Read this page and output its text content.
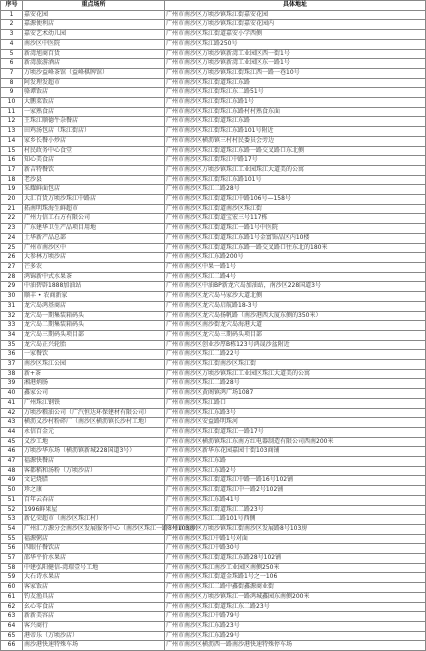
序号	重点场所	具体地址
1	嘉安花园	广州市南沙区万顷沙镇珠江街嘉安花园
2	嘉源便利店	广州市南沙区万顷沙镇珠江街嘉安花园内
3	嘉安艺术幼儿园	广州市南沙区珠江街道嘉安小学西侧
4	南沙区中医院	广州市南沙区珠江路250号
5	新湾旭商百货	广州市南沙区万顷沙镇新湾工业园区西一街1号
6	新湾旅游酒店	广州市南沙区万顷沙镇新湾工业园区东一路1号
7	万顷沙益峰茶馆（益峰棋牌馆）	广州市南沙区万顷沙镇珠江街珠江西一路一巷10号
8	阿发理发超市	广州市南沙区珠江街道珠江东路
9	骆谭饭店	广州市南沙区珠江街珠江东二路51号
10	大鹏菜饭店	广州市南沙区珠江街珠江东路1号
11	一家熟食店	广州市南沙区珠江街珠江东路村村熟食东面
12	王珠江顺德牛杂餐店	广州市南沙区珠江街道珠江东路
13	田鸡汤包店（珠江街店）	广州市南沙区珠江街珠江东路101号附近
14	家乡长餐小炒店	广州市南沙区横沥镇三村村民委员会旁边
15	村民政务中心食堂	广州市南沙区珠江街道珠江东路一路交叉路口东北侧
16	知心美食店	广州市南沙区珠江街珠江中路17号
17	新吉特餐饮	广州市南沙区万顷沙镇珠江工业园珠江大道美的公寓
18	老沙县	广州市南沙区珠江街珠江东路101号
19	采耀鲜面包店	广州市南沙区珠江二路28号
20	大汇百货万顷沙珠江中路店	广州市南沙区珠江街道珠江中路106号—158号
21	拓南明珠海生鲜超市	广州市南沙区珠江街道南沙区珠江街
22	广州力信工石方有限公司	广州市南沙区珠江街道宝宏三号117栋
23	广东建华卫生产品项目用地	广州市南沙区珠江街道珠江一路1号中医院
24	土华新产品总部	广州市南沙区珠江街道珠江东路1号金富饰品区内10楼
25	广州市南沙区中	广州市南沙区珠江街道珠江东路一路交叉路口往东北的180米
26	大参林万顷沙店	广州市南沙区珠江东路200号
27	芒多农	广州市南沙区中果一路1号
28	鸿锦新中式水果茶	广州市南沙区珠江二路4号
29	中油碧辟1888加油站	广州市南沙区中油BP新龙穴岛加油站，南沙区228国道3号
30	顺丰 • 农商新家	广州市南沙区龙穴岛马家沙大道北侧
31	龙穴岛鸿基商店	广州市南沙区龙穴岛启航路18-3号
32	龙穴岛一期集装箱码头	广州市南沙区龙穴岛扬帆路（南沙港西大厦东侧的350米）
33	龙穴岛二期集装箱码头	广州市南沙区南沙街龙穴岛海港大道
34	龙穴岛三期码头项目部	广州市南沙区龙穴岛三期码头项目部
35	龙穴岛正兴轮胎	广州市南沙区创业沙厚B栋123号鸿晟沙盆附近
36	一家餐饮	广州市南沙区珠江二路22号
37	南沙区珠江公园	广州市南沙区珠江街南沙区珠江街
38	新+茶	广州市南沙区万顷沙镇珠江工业园区珠江大道美的公寓
39	湘港炳肠	广州市南沙区珠江二路28号
40	鑫家公司	广州市南沙区黄阁镇鸿广场1087
41	广州珠江钢铁	广州市南沙区珠江路口
42	万顷沙粮油公司（广汽恒达环保建材有限公司）	广州市南沙区珠江东路3号
43	横沥义沙村粉碎厂（南沙区横沥镇长沙村工地）	广州市南沙区安益路明珠河
44	永信百金元	广州市南沙区珠江街道珠江一路17号
45	义沙工地	广州市南沙区横沥镇珠江东南方红电器制造有限公司西南200米
46	万顷沙华东场（横沥镇新城228国道3号）	广州市南沙区新华东花园嘉园十街103商铺
47	福源快餐店	广州市南沙区珠江东路
48	客都稻和汤粉（万顷沙店）	广州市南沙区珠江东路2号
49	文记烧腊	广州市南沙区珠江街道珠江中路一路16号102铺
50	珍之康	广州市南沙区珠江街道珠江中一路2号102铺
51	百年云吞店	广州市南沙区珠江东路41号
52	1996鲜果屋	广州市南沙区珠江街道珠江二路23号
53	新亿荣超市（南沙区珠江村）	广州市南沙区珠江二路101号西侧
54	广州汇万源分会南沙区发展服务中心（南沙区珠江一路8号103房）	广州市南沙区万顷沙镇珠江街南沙区发展路8号103房
55	福源粥店	广州市南沙区珠江中路1号对面
56	四眼仔餐饮店	广州市南沙区珠江中路30号
57	邵华平价水果店	广州市南沙区珠江街道珠江东路28号102铺
58	中建弘阳健信-湾璟壹号工地	广州市南沙区珠江南沙工业园区南侧250米
59	大石诗水果店	广州市南沙区珠江街道金珠路1号之一106
60	客家饭店	广州市南沙区珠江二路中鑫街鑫源商业街
61	钓友渔具店	广州市南沙区万顷沙镇珠江一路鸿城鑫园东南侧200米
62	幺心零食店	广州市南沙区珠江街道珠江东二路23号
63	新新美容店	广州市南沙区珠江中路79号
64	客兴商行	广州市南沙区珠江东路23号
65	港帝乐（万顷沙店）	广州市南沙区珠江东路29号
66	南沙港快速特殊车场	广州市南沙区横沥西一路南沙港快速特殊停车场
